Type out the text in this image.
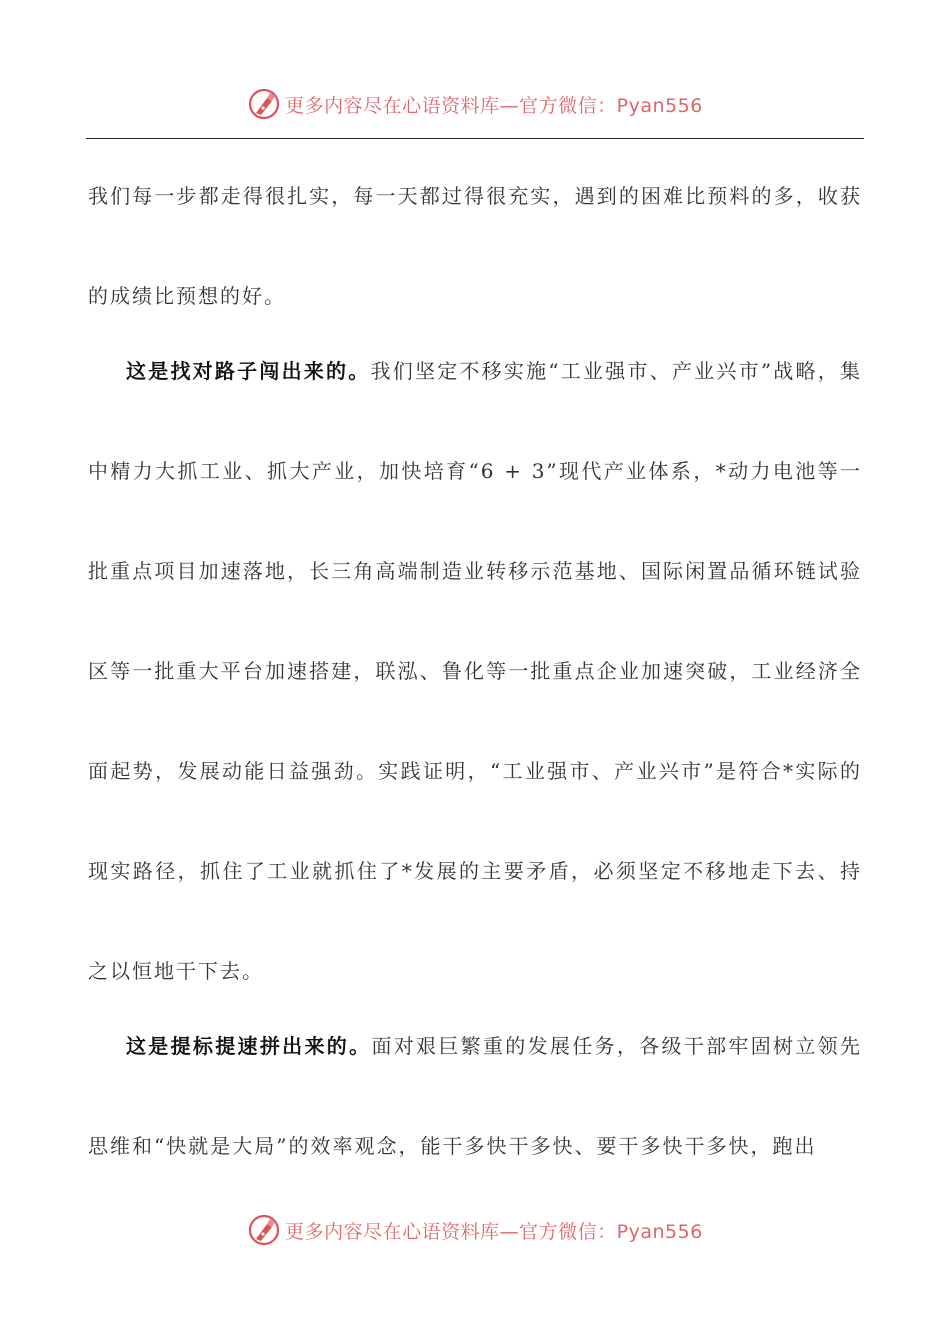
更多内容尽在心语资料库—官方微信：Pyan556

我们每一步都走得很扎实，每一天都过得很充实，遇到的困难比预料的多，收获的成绩比预想的好。

这是找对路子闯出来的。我们坚定不移实施“工业强市、产业兴市”战略，集中精力大抓工业、抓大产业，加快培育“6 + 3”现代产业体系，*动力电池等一批重点项目加速落地，长三角高端制造业转移示范基地、国际闲置品循环链试验区等一批重大平台加速搭建，联泓、鲁化等一批重点企业加速突破，工业经济全面起势，发展动能日益强劲。实践证明，“工业强市、产业兴市”是符合*实际的现实路径，抓住了工业就抓住了*发展的主要矛盾，必须坚定不移地走下去、持之以恒地干下去。

这是提标提速拼出来的。面对艰巨繁重的发展任务，各级干部牢固树立领先思维和“快就是大局”的效率观念，能干多快干多快、要干多快干多快，跑出

更多内容尽在心语资料库—官方微信：Pyan556
